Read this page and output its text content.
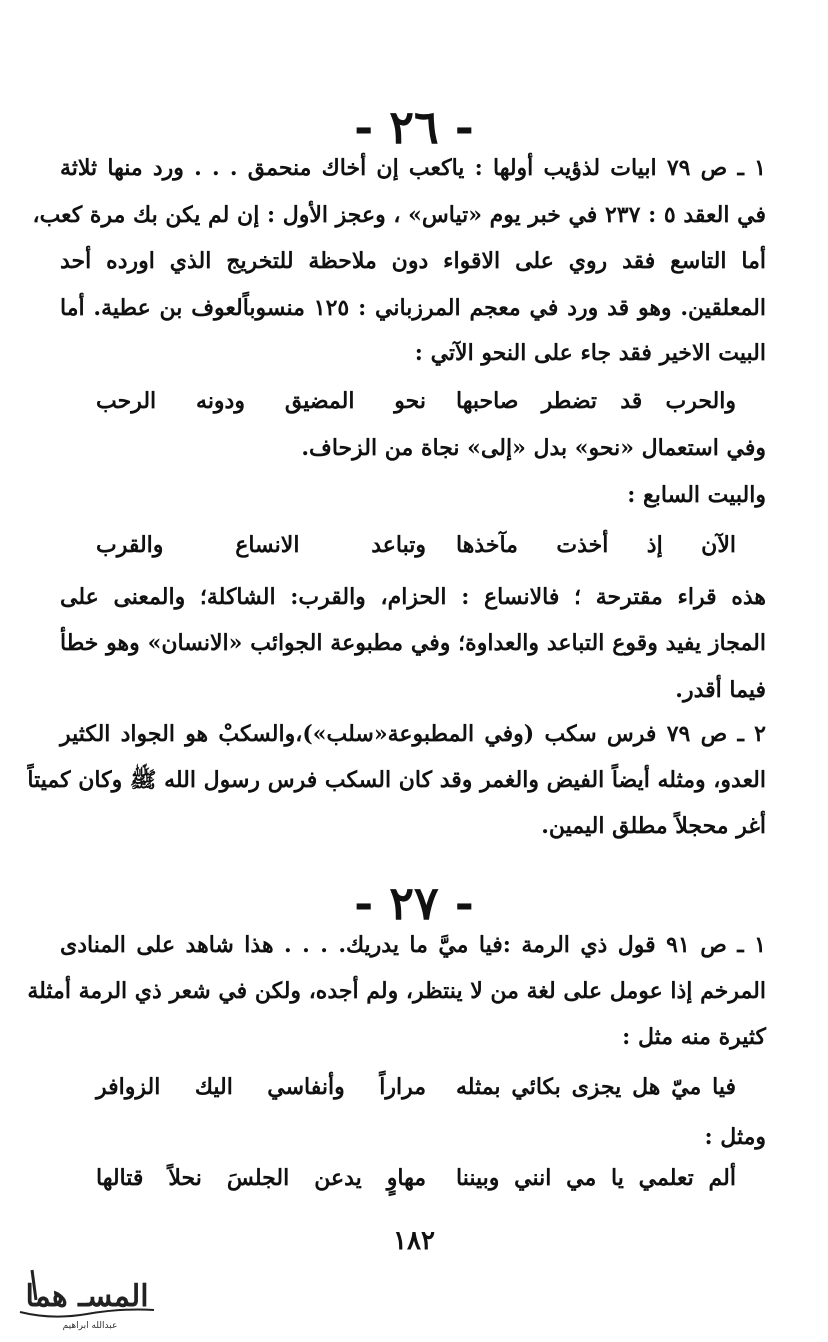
- ٢٦ -
١ ـ ص ٧٩ ابيات لذؤيب أولها : ياكعب إن أخاك منحمق . . . ورد منها ثلاثة
في العقد ٥ : ٢٣٧ في خبر يوم «تياس» ، وعجز الأول : إن لم يكن بك مرة كعب،
أما التاسع فقد روي على الاقواء دون ملاحظة للتخريج الذي اورده أحد
المعلقين. وهو قد ورد في معجم المرزباني : ١٢٥ منسوباًلعوف بن عطية. أما
البيت الاخير فقد جاء على النحو الآتي :
والحرب قد تضطر صاحبها
نحو المضيق ودونه الرحب
وفي استعمال «نحو» بدل «إلى» نجاة من الزحاف.
والبيت السابع :
الآن إذ أخذت مآخذها
وتباعد الانساع والقرب
هذه قراء مقترحة ؛ فالانساع : الحزام، والقرب: الشاكلة؛ والمعنى على
المجاز يفيد وقوع التباعد والعداوة؛ وفي مطبوعة الجوائب «الانسان» وهو خطأ
فيما أقدر.
٢ ـ ص ٧٩ فرس سكب (وفي المطبوعة«سلب»)،والسكبْ هو الجواد الكثير
العدو، ومثله أيضاً الفيض والغمر وقد كان السكب فرس رسول الله ﷺ وكان كميتاً
أغر محجلاً مطلق اليمين.
- ٢٧ -
١ ـ ص ٩١ قول ذي الرمة :فيا ميَّ ما يدريك. . . . هذا شاهد على المنادى
المرخم إذا عومل على لغة من لا ينتظر، ولم أجده، ولكن في شعر ذي الرمة أمثلة
كثيرة منه مثل :
فيا ميّ هل يجزى بكائي بمثله
مراراً وأنفاسي اليك الزوافر
ومثل :
ألم تعلمي يا مي انني وبيننا
مهاوٍ يدعن الجلسَ نحلاً قتالها
١٨٢
المسـ هما
عبدالله ابراهيم
